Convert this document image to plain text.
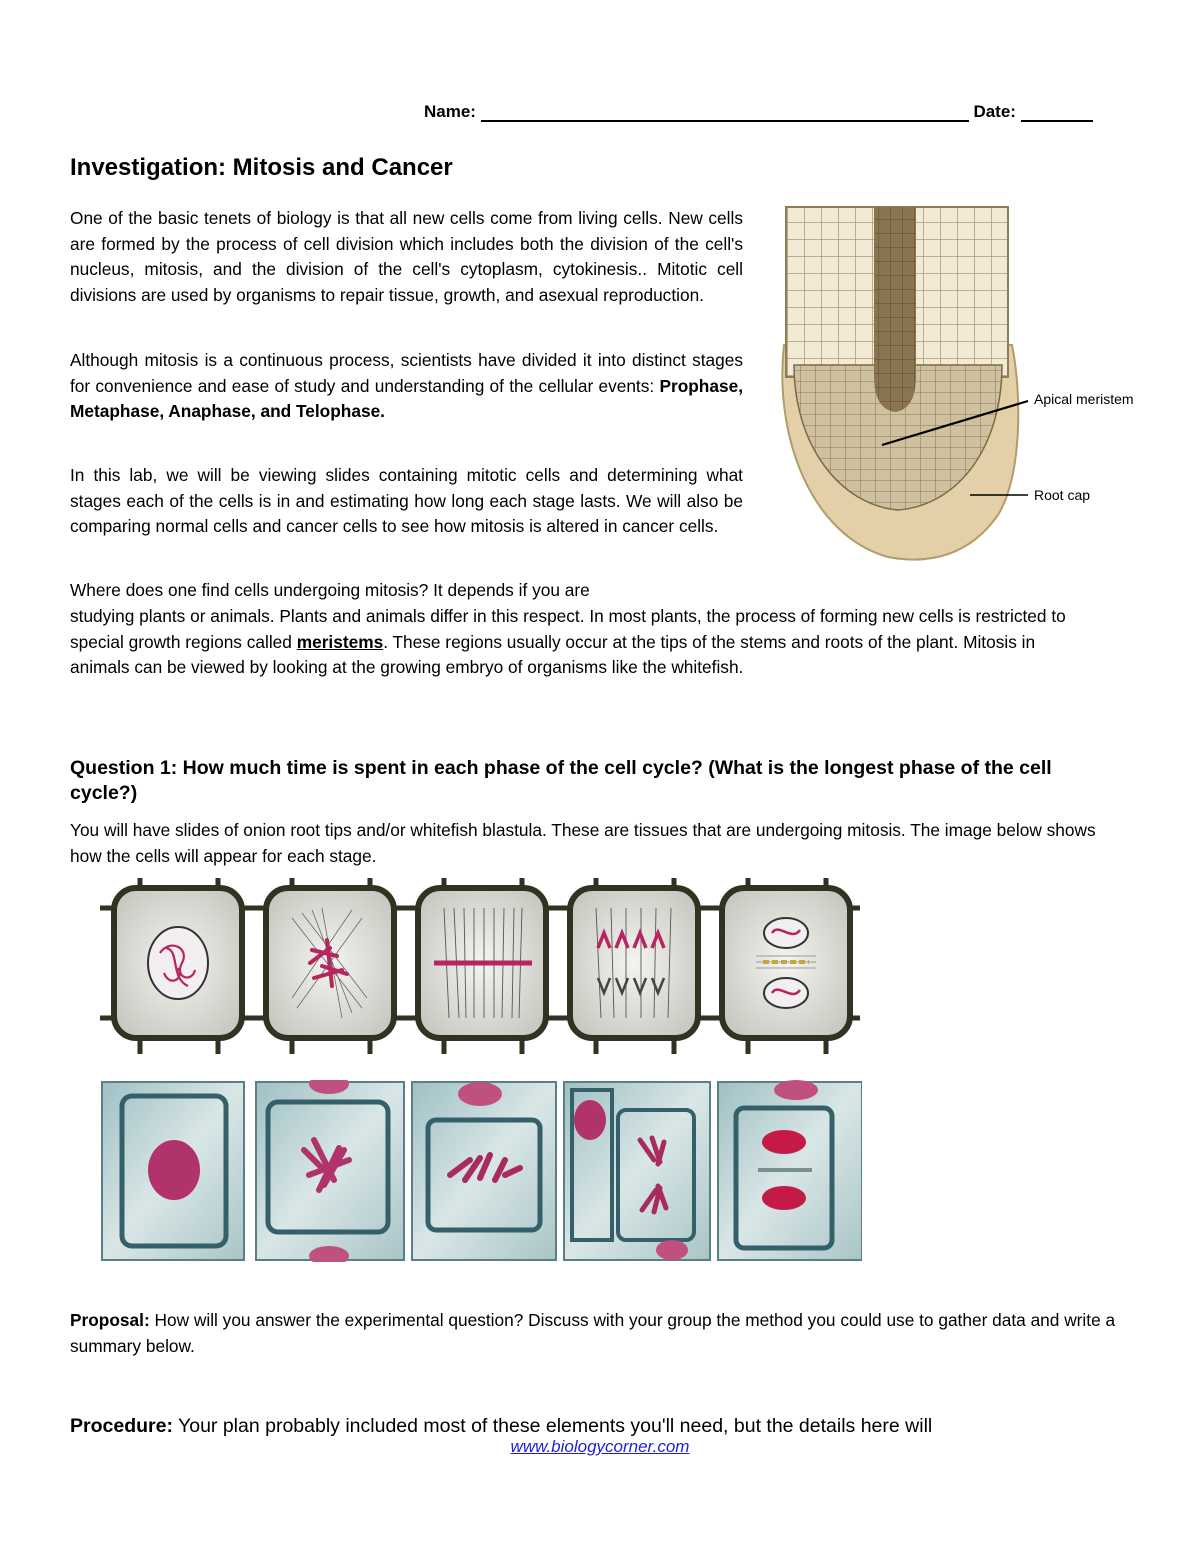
Name:	Date:
Investigation: Mitosis and Cancer
One of the basic tenets of biology is that all new cells come from living cells. New cells are formed by the process of cell division which includes both the division of the cell's nucleus, mitosis, and the division of the cell's cytoplasm, cytokinesis.. Mitotic cell divisions are used by organisms to repair tissue, growth, and asexual reproduction.
Although mitosis is a continuous process, scientists have divided it into distinct stages for convenience and ease of study and understanding of the cellular events: Prophase, Metaphase, Anaphase, and Telophase.
In this lab, we will be viewing slides containing mitotic cells and determining what stages each of the cells is in and estimating how long each stage lasts. We will also be comparing normal cells and cancer cells to see how mitosis is altered in cancer cells.
Where does one find cells undergoing mitosis? It depends if you are
studying plants or animals. Plants and animals differ in this respect. In most plants, the process of forming new cells is restricted to special growth regions called meristems. These regions usually occur at the tips of the stems and roots of the plant. Mitosis in animals can be viewed by looking at the growing embryo of organisms like the whitefish.
Apical meristem
Root cap
Question 1: How much time is spent in each phase of the cell cycle? (What is the longest phase of the cell cycle?)
You will have slides of onion root tips and/or whitefish blastula. These are tissues that are undergoing mitosis. The image below shows how the cells will appear for each stage.
Proposal: How will you answer the experimental question? Discuss with your group the method you could use to gather data and write a summary below.
Procedure: Your plan probably included most of these elements you'll need, but the details here will
www.biologycorner.com
